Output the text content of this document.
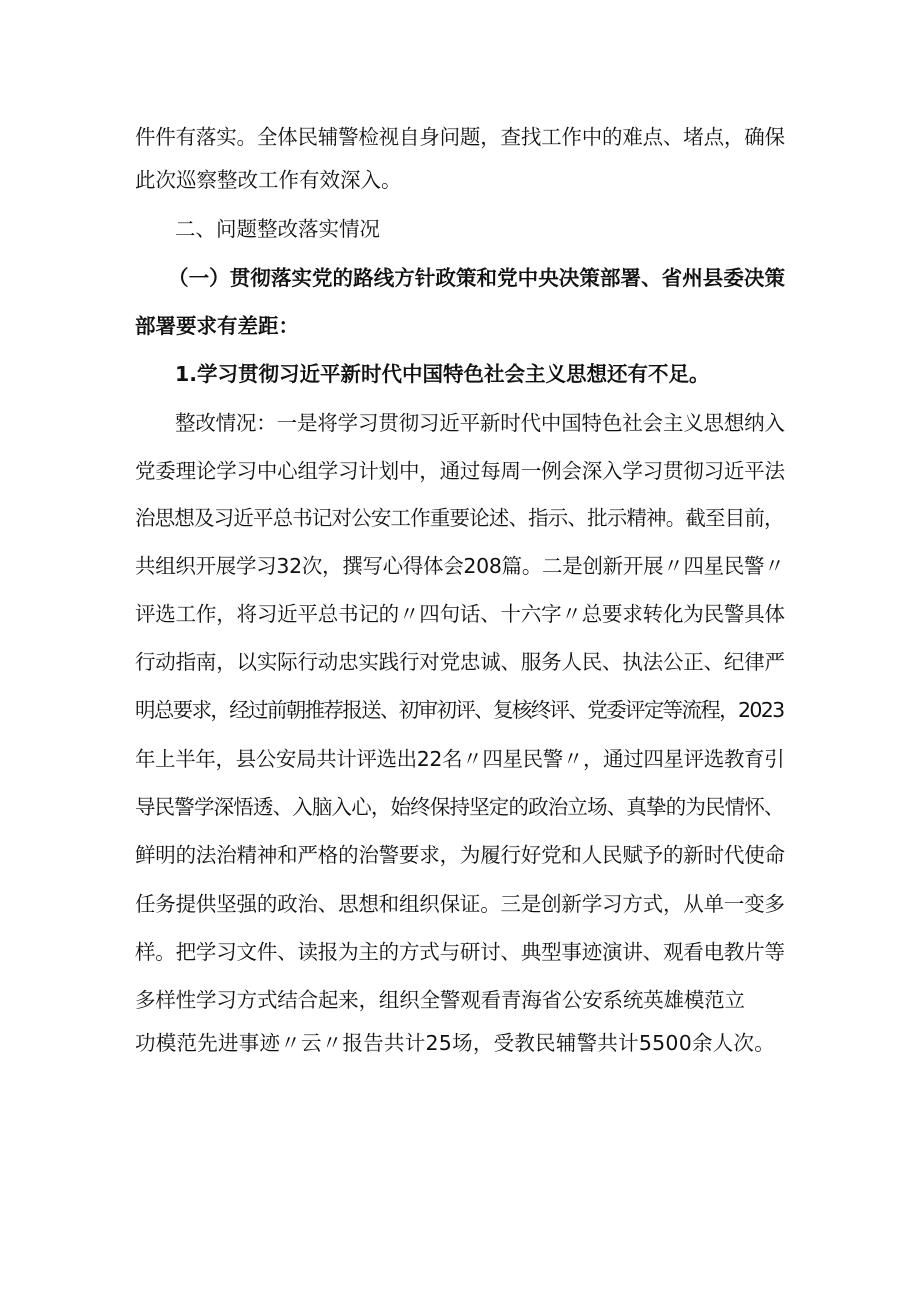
件件有落实。全体民辅警检视自身问题，查找工作中的难点、堵点，确保
此次巡察整改工作有效深入。
二、问题整改落实情况
（一）贯彻落实党的路线方针政策和党中央决策部署、省州县委决策
部署要求有差距：
1.学习贯彻习近平新时代中国特色社会主义思想还有不足。
整改情况：一是将学习贯彻习近平新时代中国特色社会主义思想纳入
党委理论学习中心组学习计划中，通过每周一例会深入学习贯彻习近平法
治思想及习近平总书记对公安工作重要论述、指示、批示精神。截至目前，
共组织开展学习32次，撰写心得体会208篇。二是创新开展〃四星民警〃
评选工作，将习近平总书记的〃四句话、十六字〃总要求转化为民警具体
行动指南，以实际行动忠实践行对党忠诚、服务人民、执法公正、纪律严
明总要求，经过前朝推荐报送、初审初评、复核终评、党委评定等流程，2023
年上半年，县公安局共计评选出22名〃四星民警〃，通过四星评选教育引
导民警学深悟透、入脑入心，始终保持坚定的政治立场、真挚的为民情怀、
鲜明的法治精神和严格的治警要求，为履行好党和人民赋予的新时代使命
任务提供坚强的政治、思想和组织保证。三是创新学习方式，从单一变多
样。把学习文件、读报为主的方式与研讨、典型事迹演讲、观看电教片等
多样性学习方式结合起来，组织全警观看青海省公安系统英雄模范立
功模范先进事迹〃云〃报告共计25场，受教民辅警共计5500余人次。
